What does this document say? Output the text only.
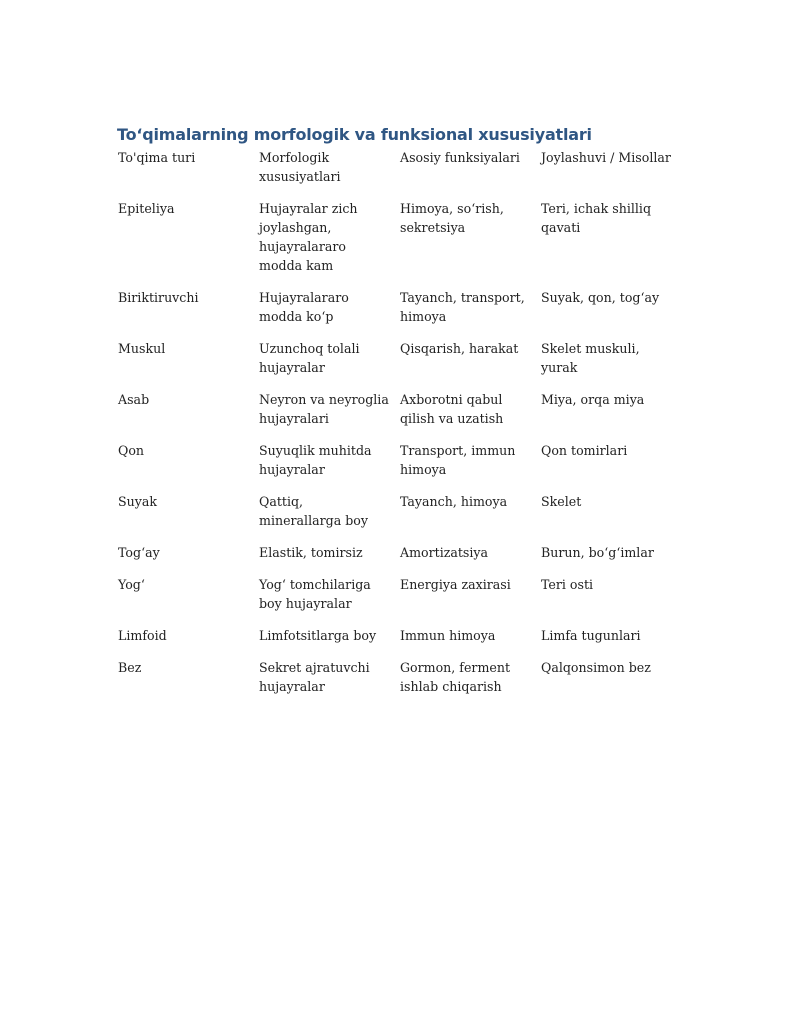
To‘qimalarning morfologik va funksional xususiyatlari
To'qima turi	Morfologik xususiyatlari	Asosiy funksiyalari	Joylashuvi / Misollar
Epiteliya	Hujayralar zich joylashgan, hujayralararo modda kam	Himoya, so‘rish, sekretsiya	Teri, ichak shilliq qavati
Biriktiruvchi	Hujayralararo modda ko‘p	Tayanch, transport, himoya	Suyak, qon, tog‘ay
Muskul	Uzunchoq tolali hujayralar	Qisqarish, harakat	Skelet muskuli, yurak
Asab	Neyron va neyroglia hujayralari	Axborotni qabul qilish va uzatish	Miya, orqa miya
Qon	Suyuqlik muhitda hujayralar	Transport, immun himoya	Qon tomirlari
Suyak	Qattiq, minerallarga boy	Tayanch, himoya	Skelet
Tog‘ay	Elastik, tomirsiz	Amortizatsiya	Burun, bo‘g‘imlar
Yog‘	Yog‘ tomchilariga boy hujayralar	Energiya zaxirasi	Teri osti
Limfoid	Limfotsitlarga boy	Immun himoya	Limfa tugunlari
Bez	Sekret ajratuvchi hujayralar	Gormon, ferment ishlab chiqarish	Qalqonsimon bez
